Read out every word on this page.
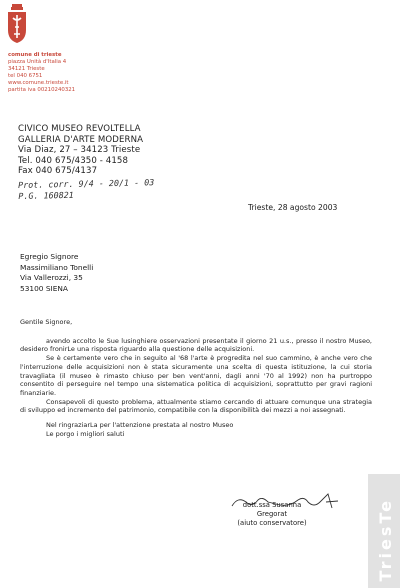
comune di trieste
piazza Unità d'Italia 4
34121 Trieste
tel 040 6751
www.comune.trieste.it
partita iva 00210240321
CIVICO MUSEO REVOLTELLA
GALLERIA D'ARTE MODERNA
Via Diaz, 27 – 34123 Trieste
Tel. 040 675/4350 - 4158
Fax 040 675/4137
Prot. corr. 9/4 - 20/1 - 03
P.G. 160821
Trieste, 28 agosto 2003
Egregio Signore
Massimiliano Tonelli
Via Vallerozzi, 35
53100 SIENA

Gentile Signore,

avendo accolto le Sue lusinghiere osservazioni presentate il giorno 21 u.s., presso il nostro Museo, desidero fronirLe una risposta riguardo alla questione delle acquisizioni.

Se è certamente vero che in seguito al '68 l'arte è progredita nel suo cammino, è anche vero che l'interruzione delle acquisizioni non è stata sicuramente una scelta di questa istituzione, la cui storia travagliata (il museo è rimasto chiuso per ben vent'anni, dagli anni '70 al 1992) non ha purtroppo consentito di perseguire nel tempo una sistematica politica di acquisizioni, soprattutto per gravi ragioni finanziarie.

Consapevoli di questo problema, attualmente stiamo cercando di attuare comunque una strategia di sviluppo ed incremento del patrimonio, compatibile con la disponibilità dei mezzi a noi assegnati.

Nel ringraziarLa per l'attenzione prestata al nostro Museo

Le porgo i migliori saluti

dott.ssa Susanna Gregorat
(aiuto conservatore)	TriesTe
